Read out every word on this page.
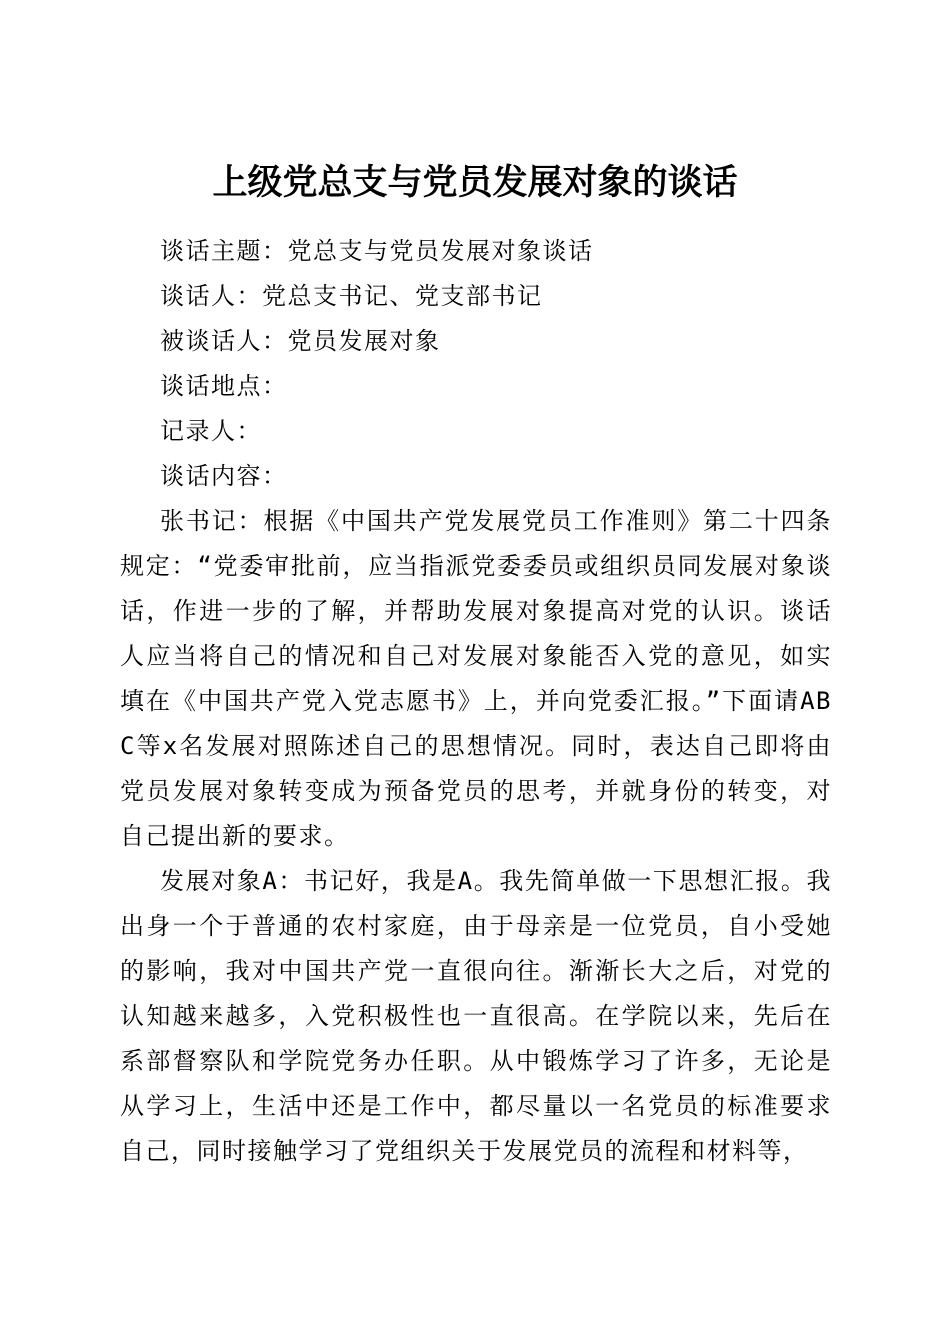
上级党总支与党员发展对象的谈话

谈话主题：党总支与党员发展对象谈话

谈话人：党总支书记、党支部书记

被谈话人：党员发展对象

谈话地点：

记录人：

谈话内容：

张书记：根据《中国共产党发展党员工作准则》第二十四条规定：“党委审批前，应当指派党委委员或组织员同发展对象谈话，作进一步的了解，并帮助发展对象提高对党的认识。谈话人应当将自己的情况和自己对发展对象能否入党的意见，如实填在《中国共产党入党志愿书》上，并向党委汇报。”下面请ABC等x名发展对照陈述自己的思想情况。同时，表达自己即将由党员发展对象转变成为预备党员的思考，并就身份的转变，对自己提出新的要求。

发展对象A：书记好，我是A。我先简单做一下思想汇报。我出身一个于普通的农村家庭，由于母亲是一位党员，自小受她的影响，我对中国共产党一直很向往。渐渐长大之后，对党的认知越来越多，入党积极性也一直很高。在学院以来，先后在系部督察队和学院党务办任职。从中锻炼学习了许多，无论是从学习上，生活中还是工作中，都尽量以一名党员的标准要求自己，同时接触学习了党组织关于发展党员的流程和材料等，
